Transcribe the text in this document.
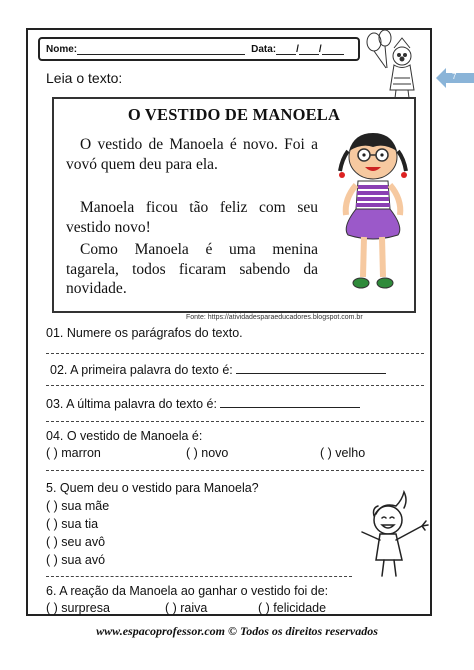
Nome:	Data: / /
7
Leia o texto:
O VESTIDO DE MANOELA
O vestido de Manoela é novo. Foi a vovó quem deu para ela.
Manoela ficou tão feliz com seu vestido novo!
Como Manoela é uma menina tagarela, todos ficaram sabendo da novidade.
Fonte: https://atividadesparaeducadores.blogspot.com.br
01. Numere os parágrafos do texto.
02. A primeira palavra do texto é:
03. A última palavra do texto é:
04. O vestido de Manoela é:
( ) marron	( ) novo	( ) velho
5. Quem deu o vestido para Manoela?
( ) sua mãe
( ) sua tia
( ) seu avô
( ) sua avó
6. A reação da Manoela ao ganhar o vestido foi de:
( ) surpresa	( ) raiva	( ) felicidade
www.espacoprofessor.com © Todos os direitos reservados
